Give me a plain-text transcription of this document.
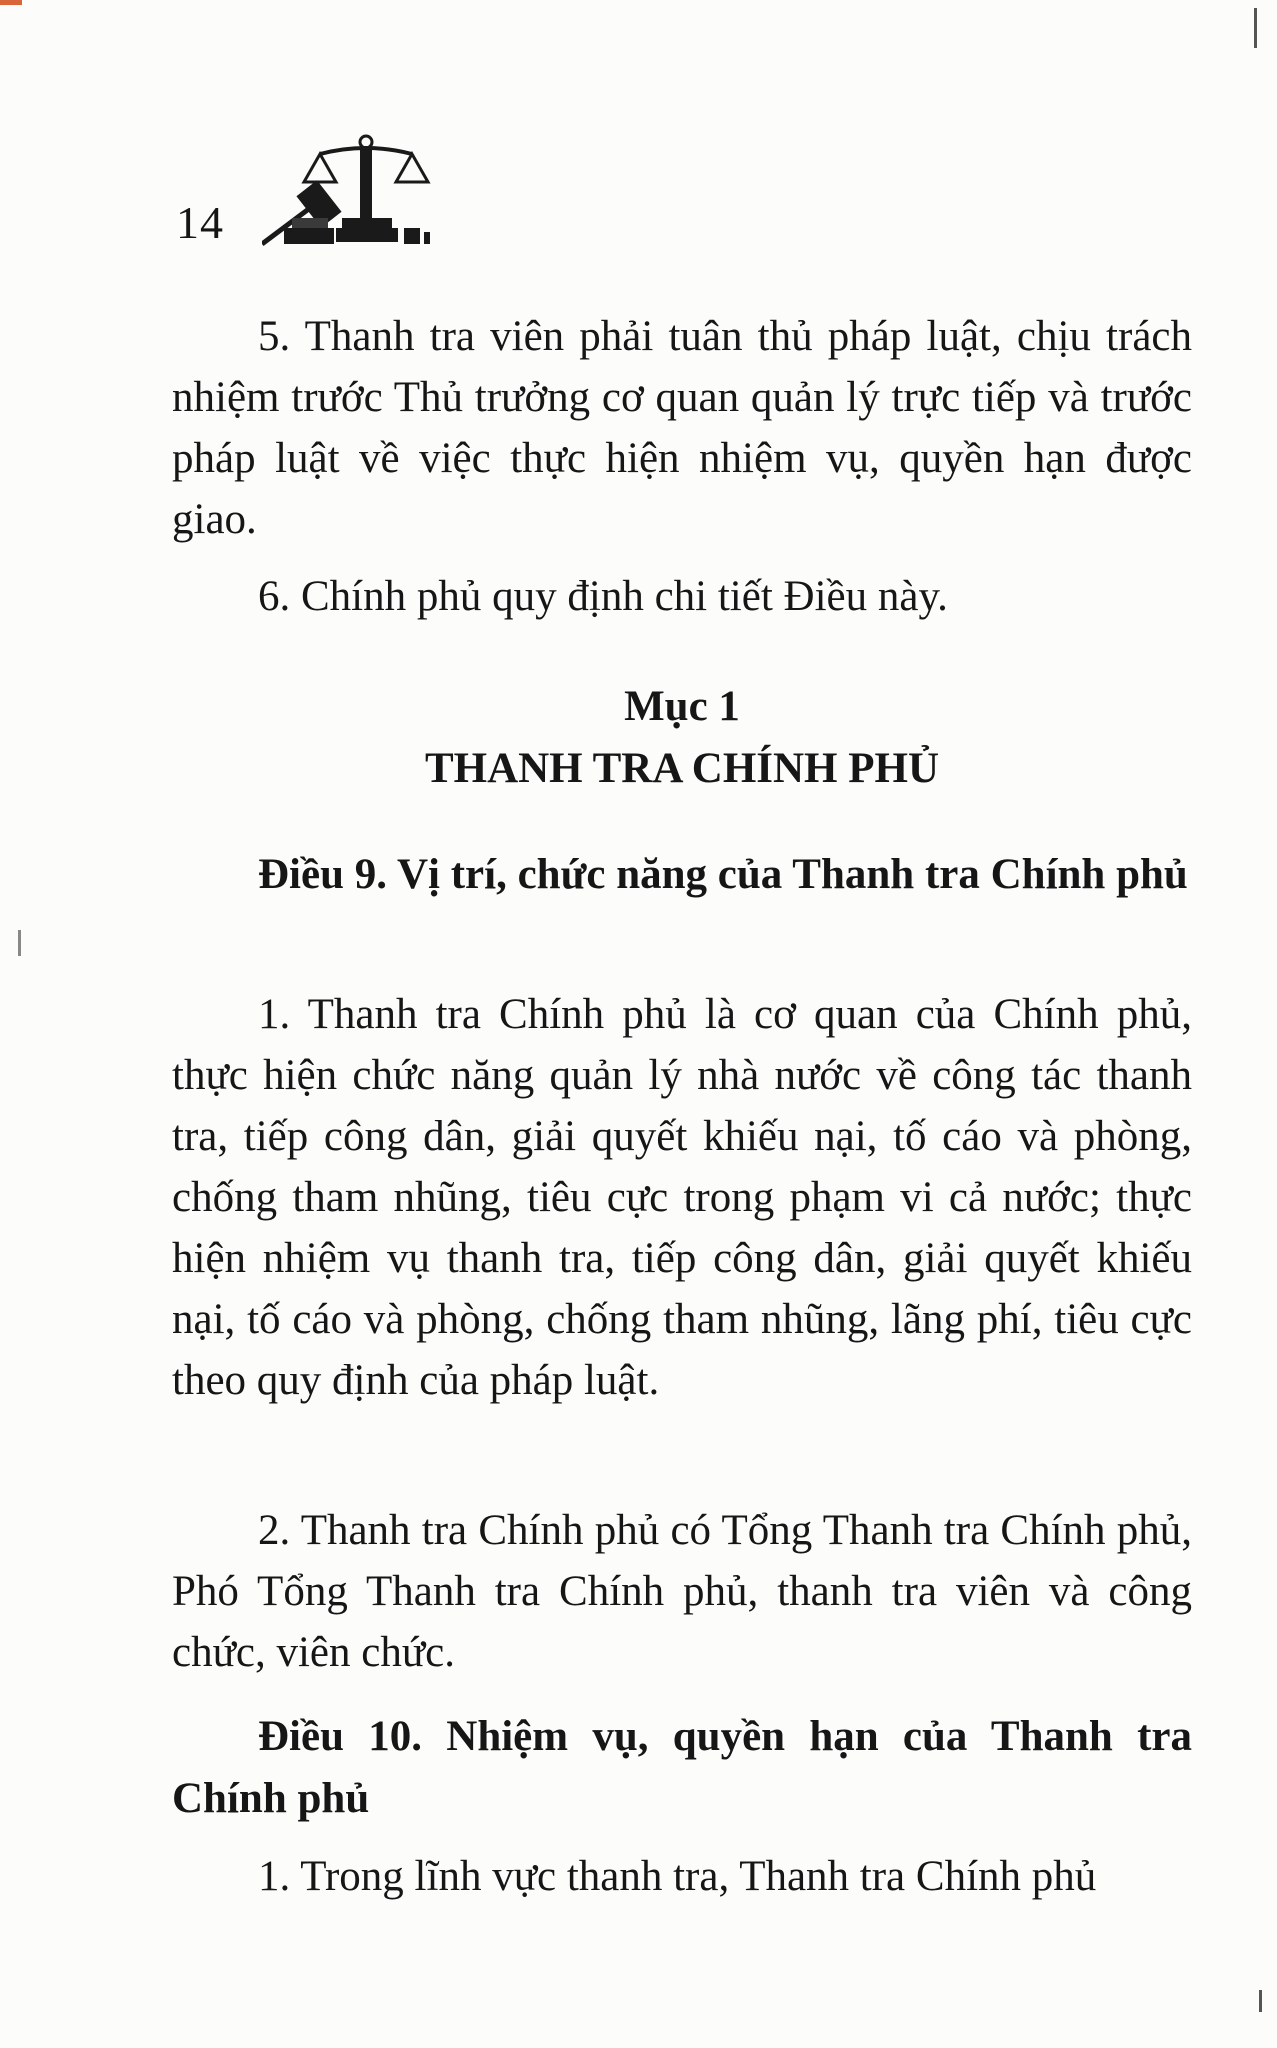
14
5. Thanh tra viên phải tuân thủ pháp luật, chịu trách nhiệm trước Thủ trưởng cơ quan quản lý trực tiếp và trước pháp luật về việc thực hiện nhiệm vụ, quyền hạn được giao.
6. Chính phủ quy định chi tiết Điều này.
Mục 1
THANH TRA CHÍNH PHỦ
Điều 9. Vị trí, chức năng của Thanh tra Chính phủ
1. Thanh tra Chính phủ là cơ quan của Chính phủ, thực hiện chức năng quản lý nhà nước về công tác thanh tra, tiếp công dân, giải quyết khiếu nại, tố cáo và phòng, chống tham nhũng, tiêu cực trong phạm vi cả nước; thực hiện nhiệm vụ thanh tra, tiếp công dân, giải quyết khiếu nại, tố cáo và phòng, chống tham nhũng, lãng phí, tiêu cực theo quy định của pháp luật.
2. Thanh tra Chính phủ có Tổng Thanh tra Chính phủ, Phó Tổng Thanh tra Chính phủ, thanh tra viên và công chức, viên chức.
Điều 10. Nhiệm vụ, quyền hạn của Thanh tra Chính phủ
1. Trong lĩnh vực thanh tra, Thanh tra Chính phủ
